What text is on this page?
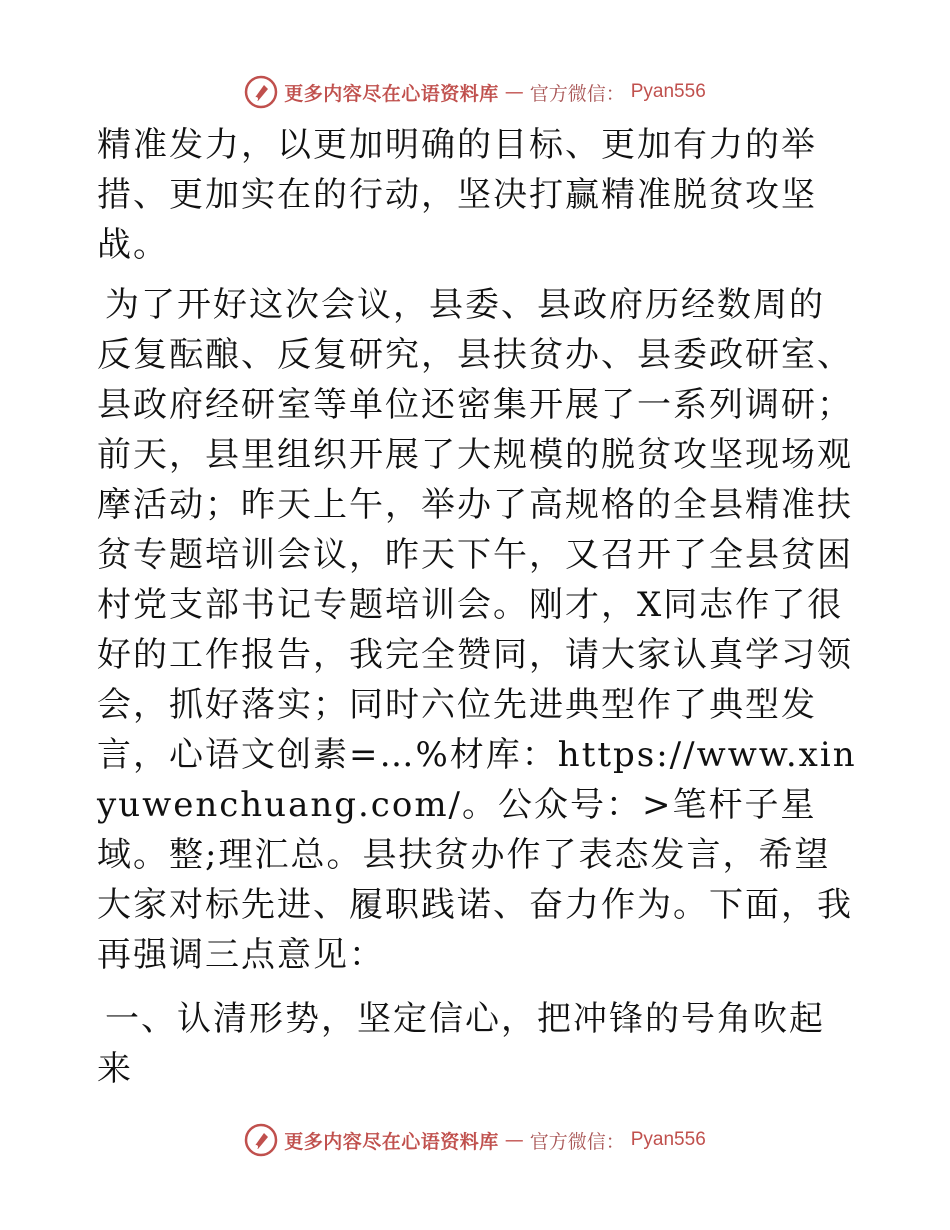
更多内容尽在心语资料库 — 官方微信： Pyan556

精准发力，以更加明确的目标、更加有力的举措、更加实在的行动，坚决打赢精准脱贫攻坚战。

为了开好这次会议，县委、县政府历经数周的反复酝酿、反复研究，县扶贫办、县委政研室、县政府经研室等单位还密集开展了一系列调研；前天，县里组织开展了大规模的脱贫攻坚现场观摩活动；昨天上午，举办了高规格的全县精准扶贫专题培训会议，昨天下午，又召开了全县贫困村党支部书记专题培训会。刚才，X同志作了很好的工作报告，我完全赞同，请大家认真学习领会，抓好落实；同时六位先进典型作了典型发言，心语文创素=…%材库：https://www.xinyuwenchuang.com/。公众号：>笔杆子星域。整;理汇总。县扶贫办作了表态发言，希望大家对标先进、履职践诺、奋力作为。下面，我再强调三点意见：

一、认清形势，坚定信心，把冲锋的号角吹起来

更多内容尽在心语资料库 — 官方微信： Pyan556
